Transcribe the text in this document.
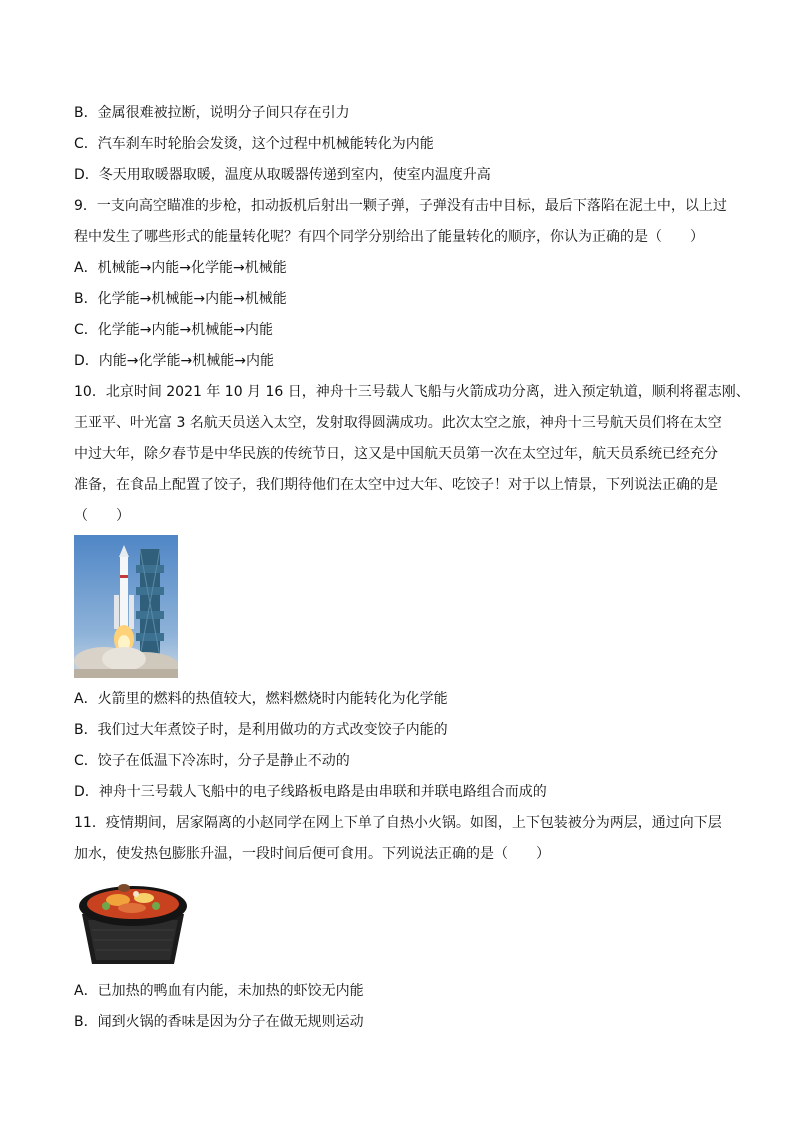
B．金属很难被拉断，说明分子间只存在引力
C．汽车刹车时轮胎会发烫，这个过程中机械能转化为内能
D．冬天用取暖器取暖，温度从取暖器传递到室内，使室内温度升高
9．一支向高空瞄准的步枪，扣动扳机后射出一颗子弹，子弹没有击中目标，最后下落陷在泥土中，以上过
程中发生了哪些形式的能量转化呢？有四个同学分别给出了能量转化的顺序，你认为正确的是（　　）
A．机械能→内能→化学能→机械能
B．化学能→机械能→内能→机械能
C．化学能→内能→机械能→内能
D．内能→化学能→机械能→内能
10．北京时间 2021 年 10 月 16 日，神舟十三号载人飞船与火箭成功分离，进入预定轨道，顺利将翟志刚、
王亚平、叶光富 3 名航天员送入太空，发射取得圆满成功。此次太空之旅，神舟十三号航天员们将在太空
中过大年，除夕春节是中华民族的传统节日，这又是中国航天员第一次在太空过年，航天员系统已经充分
准备，在食品上配置了饺子，我们期待他们在太空中过大年、吃饺子！对于以上情景，下列说法正确的是
（　　）
A．火箭里的燃料的热值较大，燃料燃烧时内能转化为化学能
B．我们过大年煮饺子时，是利用做功的方式改变饺子内能的
C．饺子在低温下冷冻时，分子是静止不动的
D．神舟十三号载人飞船中的电子线路板电路是由串联和并联电路组合而成的
11．疫情期间，居家隔离的小赵同学在网上下单了自热小火锅。如图，上下包装被分为两层，通过向下层
加水，使发热包膨胀升温，一段时间后便可食用。下列说法正确的是（　　）
A．已加热的鸭血有内能，未加热的虾饺无内能
B．闻到火锅的香味是因为分子在做无规则运动
